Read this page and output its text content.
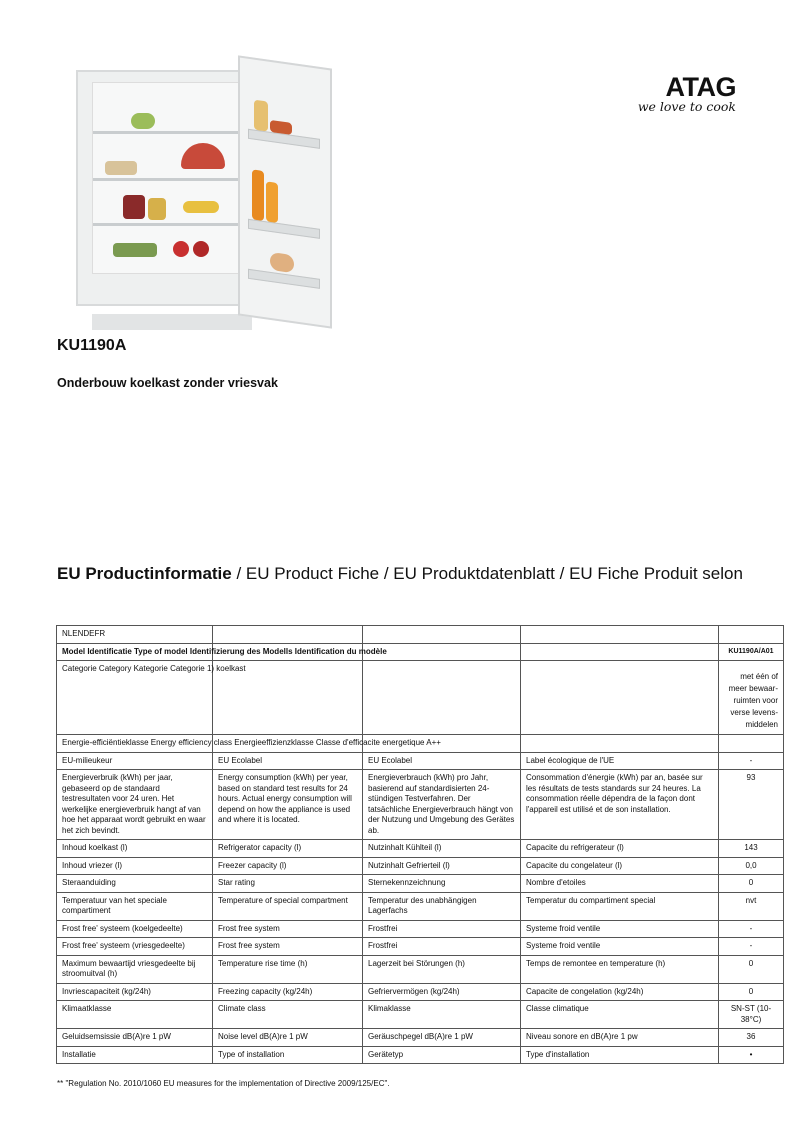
ATAG
we love to cook
KU1190A
Onderbouw koelkast zonder vriesvak
EU Productinformatie / EU Product Fiche / EU Produktdatenblatt / EU Fiche Produit selon
NLENDEFR				
Model Identificatie Type of model Identifizierung des Modells Identification du modèle				KU1190A/A01
Categorie Category Kategorie Categorie 1) koelkast				met één of meer bewaar-ruimten voor verse levens-middelen
Energie-efficiëntieklasse Energy efficiency class Energieeffizienzklasse Classe d'efficacite energetique A++				
EU-milieukeur	EU Ecolabel	EU Ecolabel	Label écologique de l'UE	-
Energieverbruik (kWh) per jaar, gebaseerd op de standaard testresultaten voor 24 uren. Het werkelijke energieverbruik hangt af van hoe het apparaat wordt gebruikt en waar het zich bevindt.	Energy consumption (kWh) per year, based on standard test results for 24 hours. Actual energy consumption will depend on how the appliance is used and where it is located.	Energieverbrauch (kWh) pro Jahr, basierend auf standardisierten 24-stündigen Testverfahren. Der tatsächliche Energieverbrauch hängt von der Nutzung und Umgebung des Gerätes ab.	Consommation d'énergie (kWh) par an, basée sur les résultats de tests standards sur 24 heures. La consommation réelle dépendra de la façon dont l'appareil est utilisé et de son installation.	93
Inhoud koelkast (l)	Refrigerator capacity (l)	Nutzinhalt Kühlteil (l)	Capacite du refrigerateur (l)	143
Inhoud vriezer (l)	Freezer capacity (l)	Nutzinhalt Gefrierteil (l)	Capacite du congelateur (l)	0,0
Steraanduiding	Star rating	Sternekennzeichnung	Nombre d'etoiles	0
Temperatuur van het speciale compartiment	Temperature of special compartment	Temperatur des unabhängigen Lagerfachs	Temperatur du compartiment special	nvt
Frost free' systeem (koelgedeelte)	Frost free system	Frostfrei	Systeme froid ventile	-
Frost free' systeem (vriesgedeelte)	Frost free system	Frostfrei	Systeme froid ventile	-
Maximum bewaartijd vriesgedeelte bij stroomuitval (h)	Temperature rise time (h)	Lagerzeit bei Störungen (h)	Temps de remontee en temperature (h)	0
Invriescapaciteit (kg/24h)	Freezing capacity (kg/24h)	Gefriervermögen (kg/24h)	Capacite de congelation (kg/24h)	0
Klimaatklasse	Climate class	Klimaklasse	Classe climatique	SN-ST (10-38°C)
Geluidsemsissie dB(A)re 1 pW	Noise level dB(A)re 1 pW	Geräuschpegel dB(A)re 1 pW	Niveau sonore en dB(A)re 1 pw	36
Installatie	Type of installation	Gerätetyp	Type d'installation	•
** "Regulation No. 2010/1060 EU measures for the implementation of Directive 2009/125/EC".
